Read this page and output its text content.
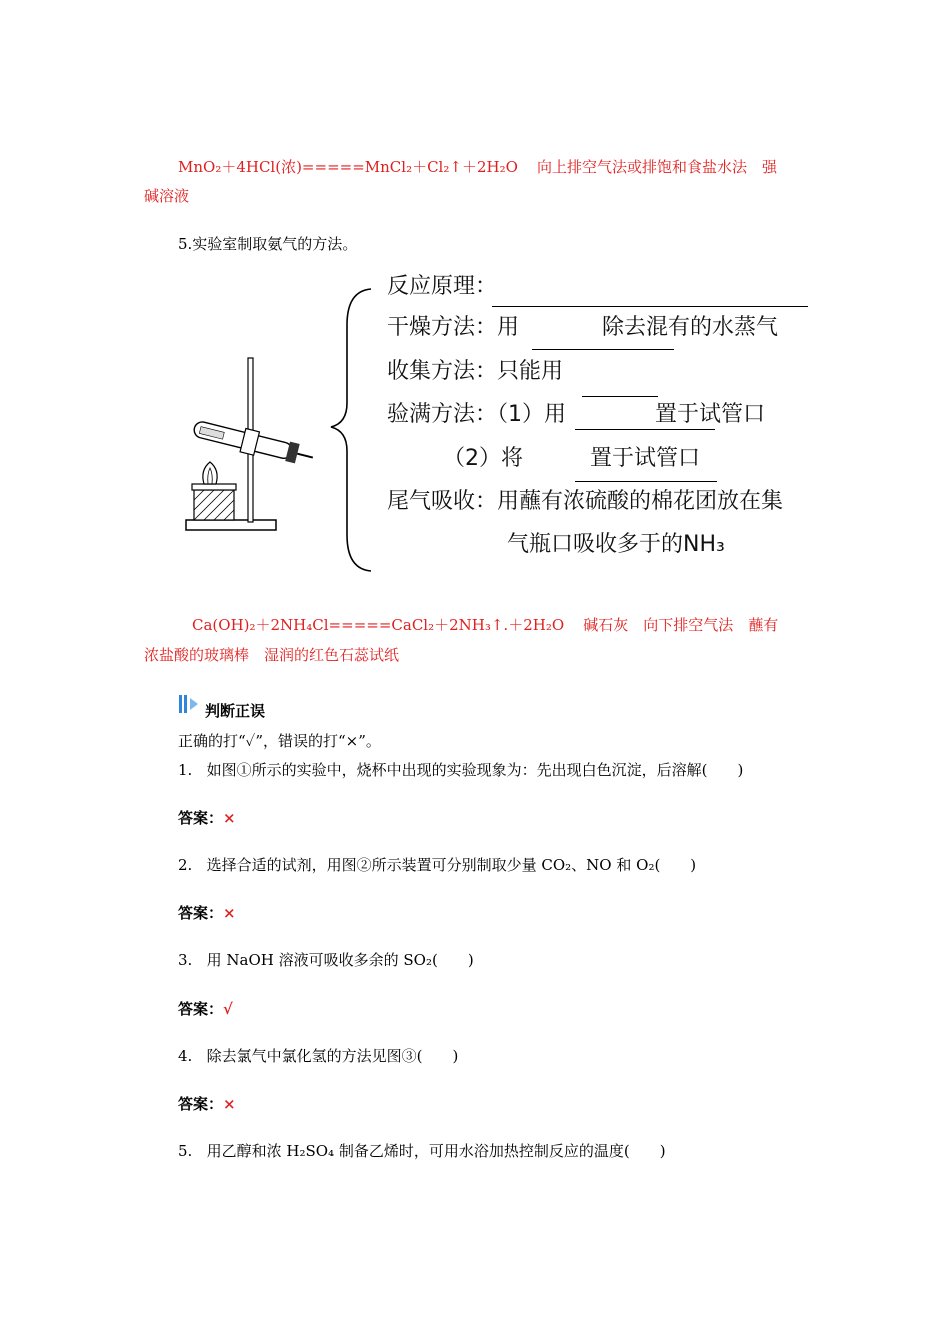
MnO₂＋4HCl(浓)=====MnCl₂＋Cl₂↑＋2H₂O 向上排空气法或排饱和食盐水法　强
碱溶液
5.实验室制取氨气的方法。
反应原理：
干燥方法：用	除去混有的水蒸气
收集方法：只能用
验满方法：（1）用	置于试管口
（2）将	置于试管口
尾气吸收：用蘸有浓硫酸的棉花团放在集
气瓶口吸收多于的NH₃
Ca(OH)₂＋2NH₄Cl=====CaCl₂＋2NH₃↑.＋2H₂O 碱石灰　向下排空气法　蘸有
浓盐酸的玻璃棒　湿润的红色石蕊试纸
判断正误
正确的打“✓”，错误的打“×”。
1. 如图①所示的实验中，烧杯中出现的实验现象为：先出现白色沉淀，后溶解(　　)
答案：×
2. 选择合适的试剂，用图②所示装置可分别制取少量 CO₂、NO 和 O₂(　　)
答案：×
3. 用 NaOH 溶液可吸收多余的 SO₂(　　)
答案：√
4. 除去氯气中氯化氢的方法见图③(　　)
答案：×
5. 用乙醇和浓 H₂SO₄ 制备乙烯时，可用水浴加热控制反应的温度(　　)
